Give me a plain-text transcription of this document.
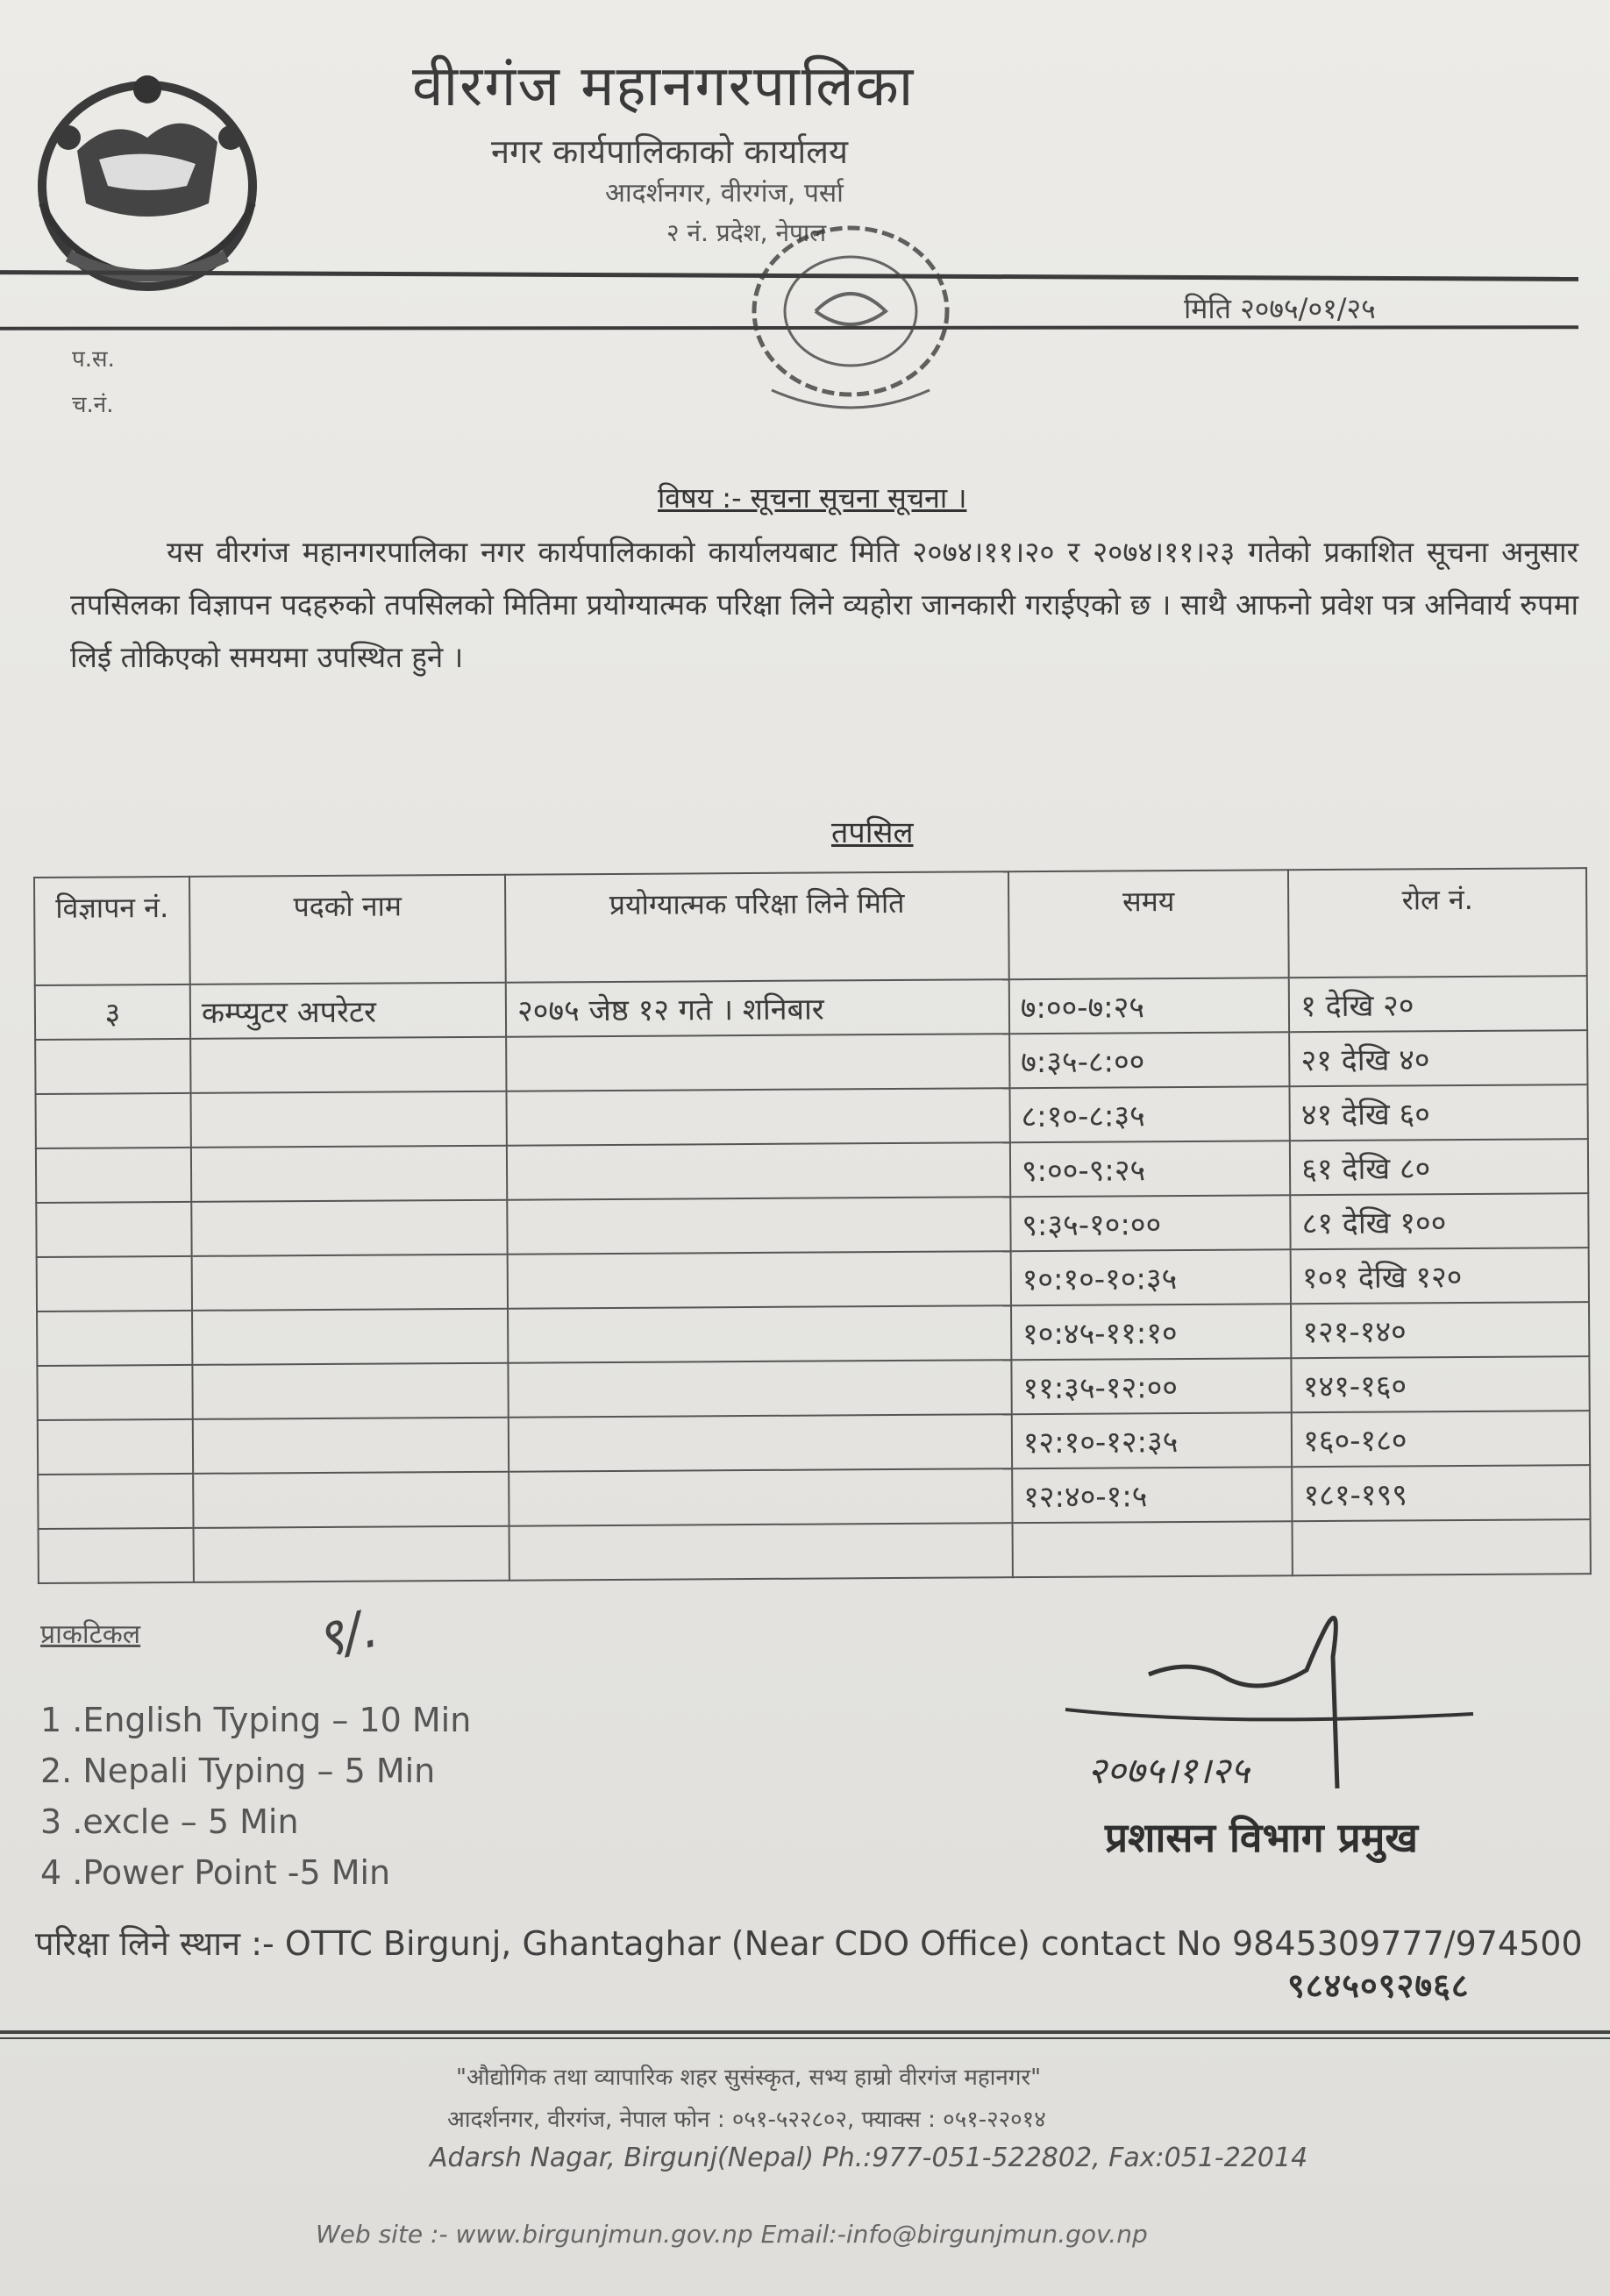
वीरगंज महानगरपालिका
नगर कार्यपालिकाको कार्यालय
आदर्शनगर, वीरगंज, पर्सा
२ नं. प्रदेश, नेपाल
मिति २०७५/०१/२५
प.स.
च.नं.
विषय :- सूचना सूचना सूचना ।
यस वीरगंज महानगरपालिका नगर कार्यपालिकाको कार्यालयबाट मिति २०७४।११।२० र २०७४।११।२३ गतेको प्रकाशित सूचना अनुसार तपसिलका विज्ञापन पदहरुको तपसिलको मितिमा प्रयोग्यात्मक परिक्षा लिने व्यहोरा जानकारी गराईएको छ । साथै आफनो प्रवेश पत्र अनिवार्य रुपमा लिई तोकिएको समयमा उपस्थित हुने ।
तपसिल
विज्ञापन नं.	पदको नाम	प्रयोग्यात्मक परिक्षा लिने मिति	समय	रोल नं.
३	कम्प्युटर अपरेटर	२०७५ जेष्ठ १२ गते । शनिबार	७:००-७:२५	१ देखि २०
			७:३५-८:००	२१ देखि ४०
			८:१०-८:३५	४१ देखि ६०
			९:००-९:२५	६१ देखि ८०
			९:३५-१०:००	८१ देखि १००
			१०:१०-१०:३५	१०१ देखि १२०
			१०:४५-११:१०	१२१-१४०
			११:३५-१२:००	१४१-१६०
			१२:१०-१२:३५	१६०-१८०
			१२:४०-१:५	१८१-१९९

प्राकटिकल	९/.
1 .English Typing – 10 Min
2. Nepali Typing – 5 Min
3 .excle – 5 Min
4 .Power Point -5 Min
२०७५।१।२५
प्रशासन विभाग प्रमुख
परिक्षा लिने स्थान :- OTTC Birgunj, Ghantaghar (Near CDO Office) contact No 9845309777/974500
९८४५०९२७६८
"औद्योगिक तथा व्यापारिक शहर सुसंस्कृत, सभ्य हाम्रो वीरगंज महानगर"
आदर्शनगर, वीरगंज, नेपाल फोन : ०५१-५२२८०२, फ्याक्स : ०५१-२२०१४
Adarsh Nagar, Birgunj(Nepal) Ph.:977-051-522802, Fax:051-22014
Web site :- www.birgunjmun.gov.np Email:-info@birgunjmun.gov.np
